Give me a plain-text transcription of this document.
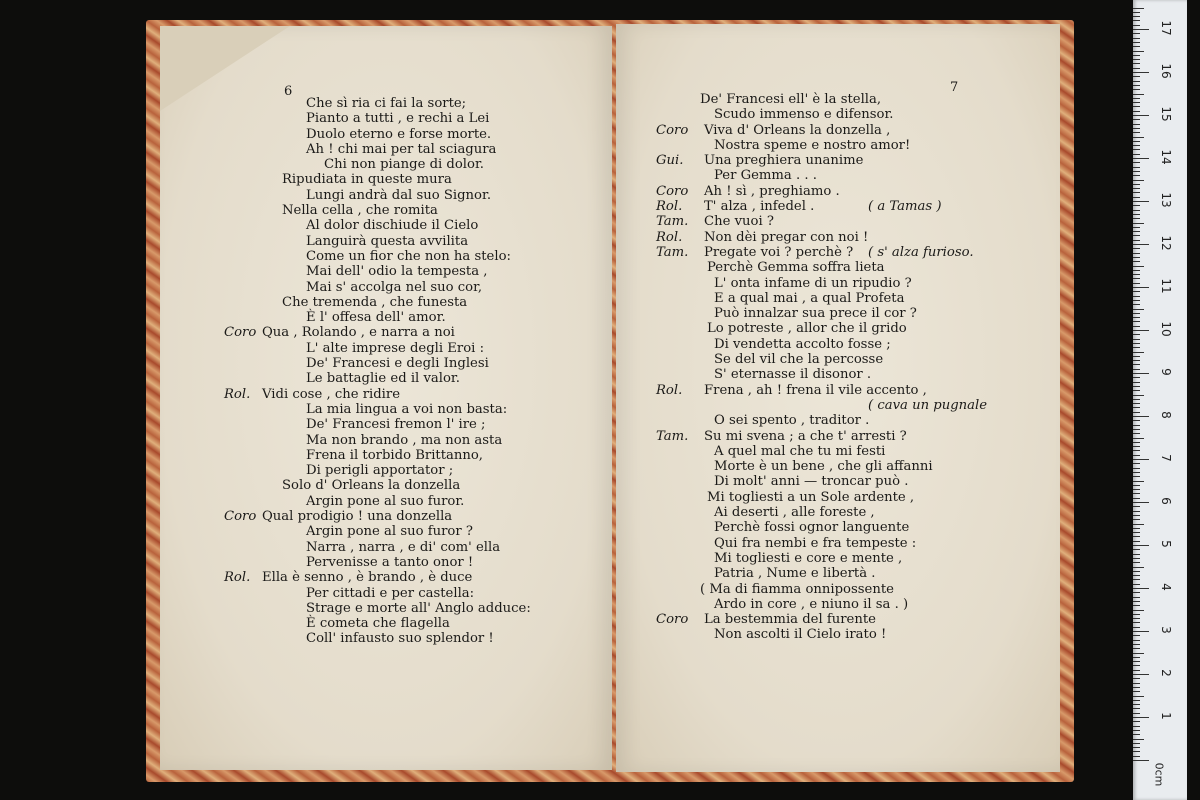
6
Che sì ria ci fai la sorte;
Pianto a tutti , e rechi a Lei
Duolo eterno e forse morte.
Ah ! chi mai per tal sciagura
Chi non piange di dolor.
Ripudiata in queste mura
Lungi andrà dal suo Signor.
Nella cella , che romita
Al dolor dischiude il Cielo
Languirà questa avvilita
Come un fior che non ha stelo:
Mai dell' odio la tempesta ,
Mai s' accolga nel suo cor,
Che tremenda , che funesta
È l' offesa dell' amor.
Coro Qua , Rolando , e narra a noi
L' alte imprese degli Eroi :
De' Francesi e degli Inglesi
Le battaglie ed il valor.
Rol. Vidi cose , che ridire
La mia lingua a voi non basta:
De' Francesi fremon l' ire ;
Ma non brando , ma non asta
Frena il torbido Brittanno,
Di perigli apportator ;
Solo d' Orleans la donzella
Argin pone al suo furor.
Coro Qual prodigio ! una donzella
Argin pone al suo furor ?
Narra , narra , e di' com' ella
Pervenisse a tanto onor !
Rol. Ella è senno , è brando , è duce
Per cittadi e per castella:
Strage e morte all' Anglo adduce:
È cometa che flagella
Coll' infausto suo splendor !
7
De' Francesi ell' è la stella,
Scudo immenso e difensor.
Coro Viva d' Orleans la donzella ,
Nostra speme e nostro amor!
Gui. Una preghiera unanime
Per Gemma . . .
Coro Ah ! sì , preghiamo .
Rol. T' alza , infedel .	( a Tamas )
Tam. Che vuoi ?
Rol. Non dèi pregar con noi !
Tam. Pregate voi ? perchè ? ( s' alza furioso.
Perchè Gemma soffra lieta
L' onta infame di un ripudio ?
E a qual mai , a qual Profeta
Può innalzar sua prece il cor ?
Lo potreste , allor che il grido
Di vendetta accolto fosse ;
Se del vil che la percosse
S' eternasse il disonor .
Rol. Frena , ah ! frena il vile accento ,
( cava un pugnale
O sei spento , traditor .
Tam. Su mi svena ; a che t' arresti ?
A quel mal che tu mi festi
Morte è un bene , che gli affanni
Di molt' anni — troncar può .
Mi togliesti a un Sole ardente ,
Ai deserti , alle foreste ,
Perchè fossi ognor languente
Qui fra nembi e fra tempeste :
Mi togliesti e core e mente ,
Patria , Nume e libertà .
( Ma di fiamma onnipossente
Ardo in core , e niuno il sa . )
Coro La bestemmia del furente
Non ascolti il Cielo irato !
0cm
17
16
15
14
13
12
11
10
9
8
7
6
5
4
3
2
1
